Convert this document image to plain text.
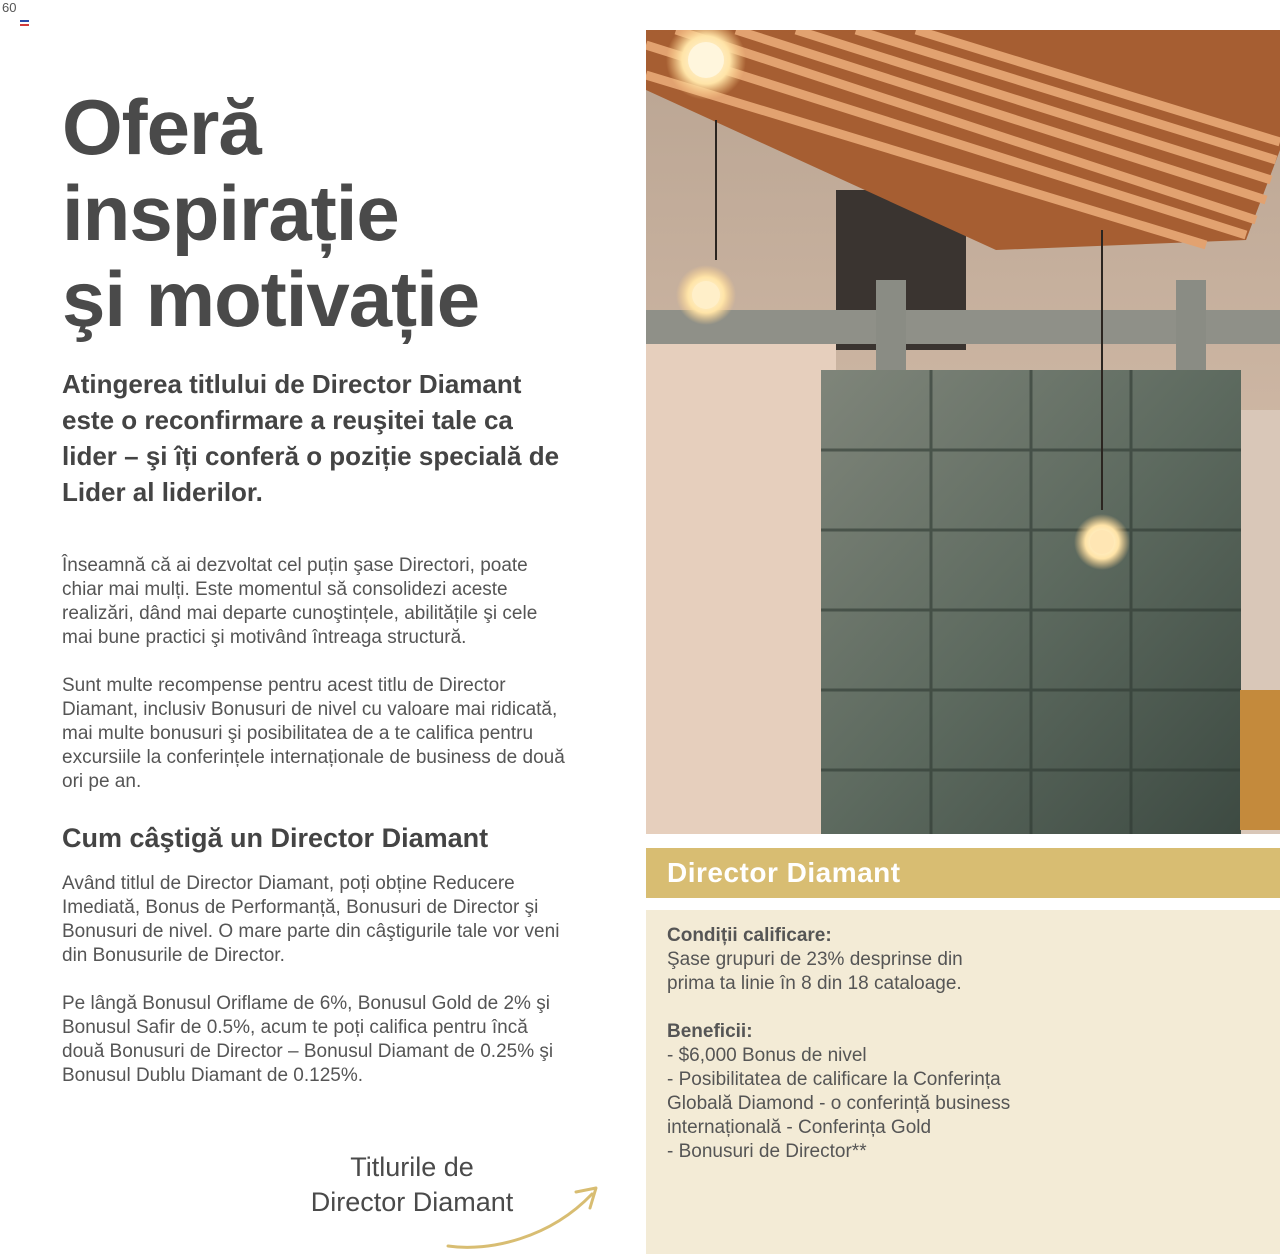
60
Oferă
inspirație
şi motivație

Atingerea titlului de Director Diamant este o reconfirmare a reuşitei tale ca lider – şi îți conferă o poziție specială de Lider al liderilor.

Înseamnă că ai dezvoltat cel puțin şase Directori, poate chiar mai mulți. Este momentul să consolidezi aceste realizări, dând mai departe cunoştințele, abilitățile şi cele mai bune practici şi motivând întreaga structură.

Sunt multe recompense pentru acest titlu de Director Diamant, inclusiv Bonusuri de nivel cu valoare mai ridicată, mai multe bonusuri şi posibilitatea de a te califica pentru excursiile la conferințele internaționale de business de două ori pe an.

Cum câştigă un Director Diamant

Având titlul de Director Diamant, poți obține Reducere Imediată, Bonus de Performanță, Bonusuri de Director şi Bonusuri de nivel. O mare parte din câştigurile tale vor veni din Bonusurile de Director.

Pe lângă Bonusul Oriflame de 6%, Bonusul Gold de 2% şi Bonusul Safir de 0.5%, acum te poți califica pentru încă două Bonusuri de Director – Bonusul Diamant de 0.25% şi Bonusul Dublu Diamant de 0.125%.

Titlurile de
Director Diamant
Director Diamant
Condiții calificare:
Şase grupuri de 23% desprinse din prima ta linie în 8 din 18 cataloage.
Beneficii:
- $6,000 Bonus de nivel
- Posibilitatea de calificare la Conferința
Globală Diamond - o conferință business
internațională - Conferința Gold
- Bonusuri de Director**
